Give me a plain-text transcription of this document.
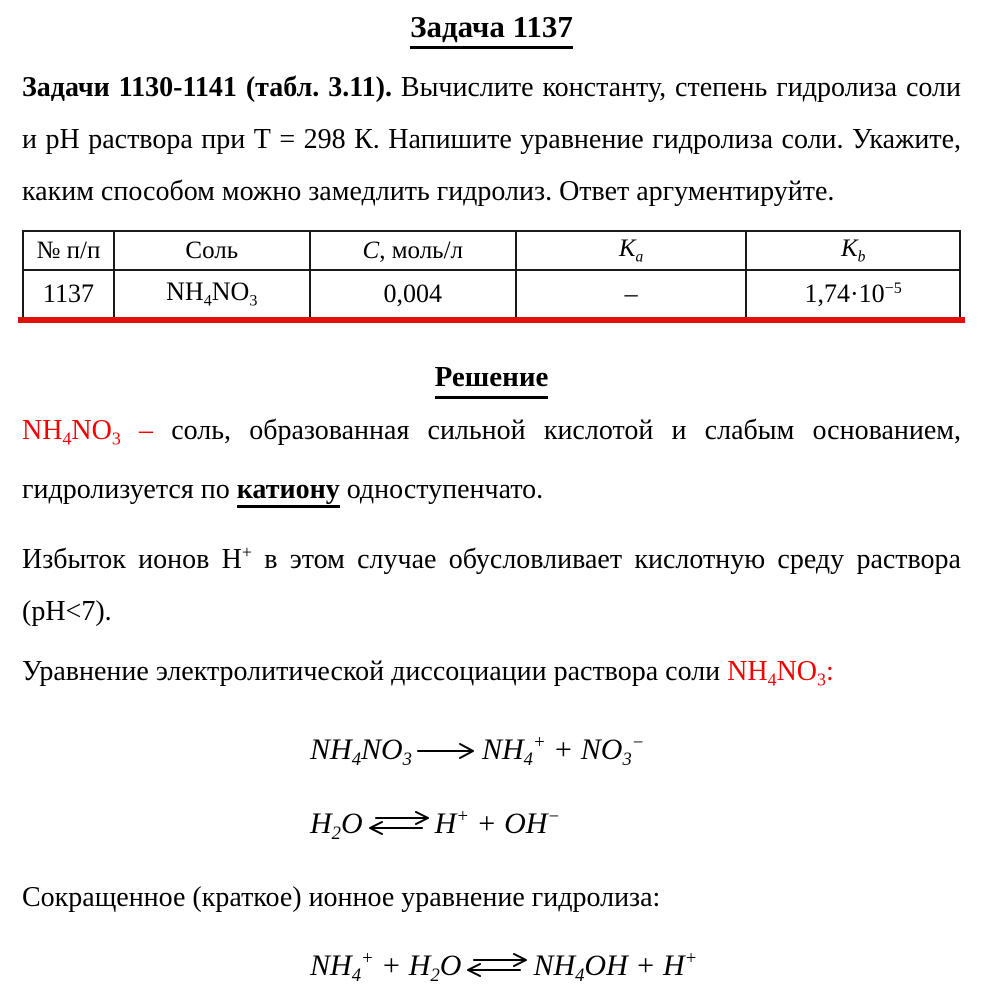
Задача 1137

Задачи 1130-1141 (табл. 3.11). Вычислите константу, степень гидролиза соли и рН раствора при Т = 298 К. Напишите уравнение гидролиза соли. Укажите, каким способом можно замедлить гидролиз. Ответ аргументируйте.

№ п/п	Соль	C, моль/л	$K_a$	$K_b$
1137	$NH_4NO_3$	0,004	–	$1,74\cdot 10^{-5}$
Решение

$NH_4NO_3$ – соль, образованная сильной кислотой и слабым основанием, гидролизуется по катиону одноступенчато.

Избыток ионов Н+ в этом случае обусловливает кислотную среду раствора (рН<7).

Уравнение электролитической диссоциации раствора соли $NH_4NO_3$:

$NH_4NO_3$ $NH_4^+ + NO_3^-$
$H_2O$ ⇌ H+ + OH−

Сокращенное (краткое) ионное уравнение гидролиза:

$NH_4^+ + H_2O$ ⇌ $NH_4OH + H^+$
